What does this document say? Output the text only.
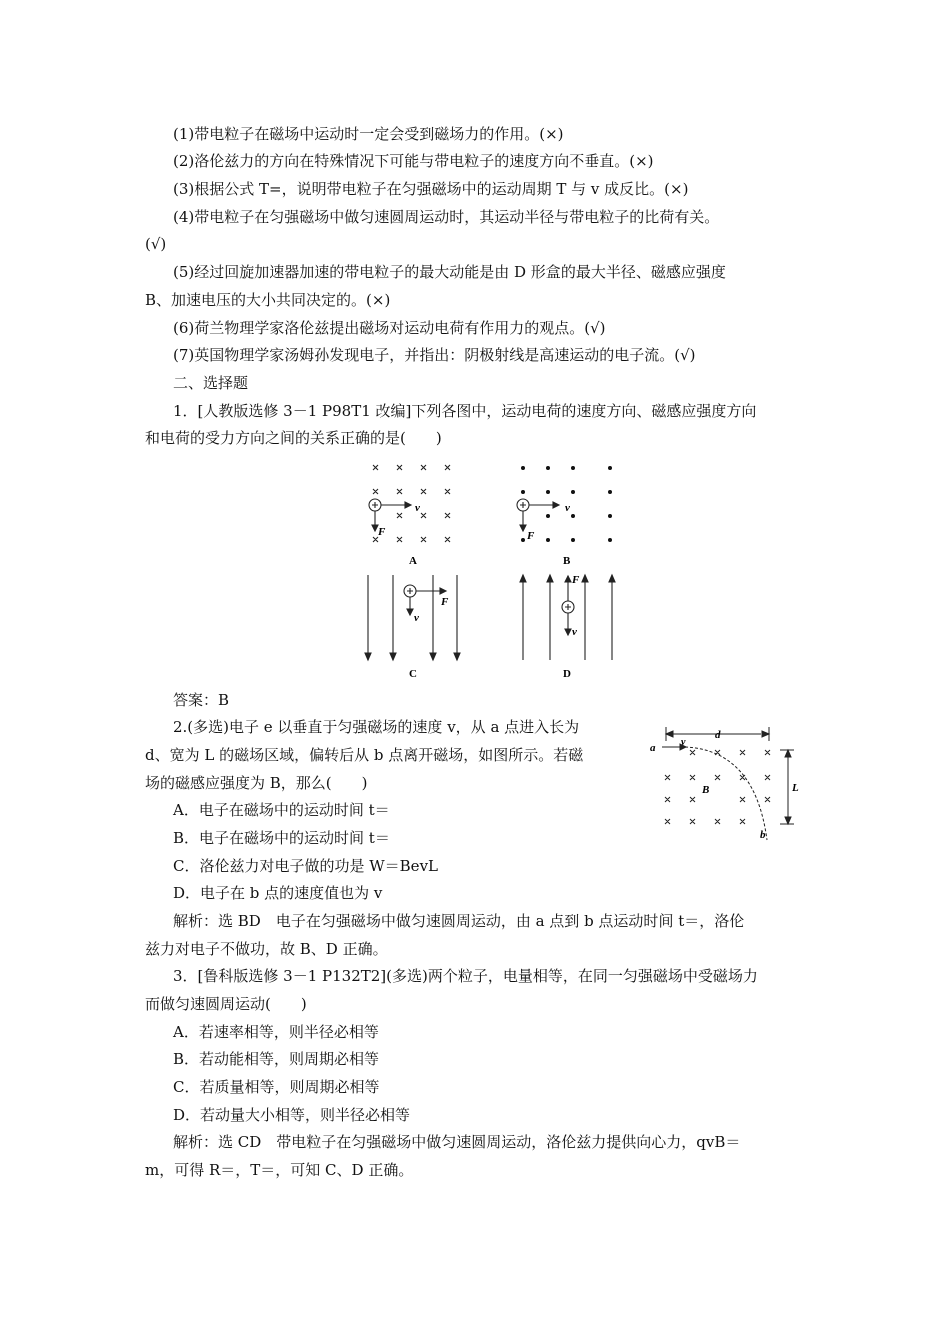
(1)带电粒子在磁场中运动时一定会受到磁场力的作用。(×)
(2)洛伦兹力的方向在特殊情况下可能与带电粒子的速度方向不垂直。(×)
(3)根据公式 T=，说明带电粒子在匀强磁场中的运动周期 T 与 v 成反比。(×)
(4)带电粒子在匀强磁场中做匀速圆周运动时，其运动半径与带电粒子的比荷有关。
(√)
(5)经过回旋加速器加速的带电粒子的最大动能是由 D 形盒的最大半径、磁感应强度
B、加速电压的大小共同决定的。(×)
(6)荷兰物理学家洛伦兹提出磁场对运动电荷有作用力的观点。(√)
(7)英国物理学家汤姆孙发现电子，并指出：阴极射线是高速运动的电子流。(√)
二、选择题
1．[人教版选修 3－1 P98T1 改编]下列各图中，运动电荷的速度方向、磁感应强度方向
和电荷的受力方向之间的关系正确的是(　　)
v
F
A
v
F
B
F
v
C
F
v
D
答案：B
2.(多选)电子 e 以垂直于匀强磁场的速度 v，从 a 点进入长为
d、宽为 L 的磁场区域，偏转后从 b 点离开磁场，如图所示。若磁
场的磁感应强度为 B，那么(　　)
A．电子在磁场中的运动时间 t＝
B．电子在磁场中的运动时间 t＝
C．洛伦兹力对电子做的功是 W＝BevL
D．电子在 b 点的速度值也为 v
a	v
d
B	L
b
解析：选 BD　电子在匀强磁场中做匀速圆周运动，由 a 点到 b 点运动时间 t＝，洛伦
兹力对电子不做功，故 B、D 正确。
3．[鲁科版选修 3－1 P132T2](多选)两个粒子，电量相等，在同一匀强磁场中受磁场力
而做匀速圆周运动(　　)
A．若速率相等，则半径必相等
B．若动能相等，则周期必相等
C．若质量相等，则周期必相等
D．若动量大小相等，则半径必相等
解析：选 CD　带电粒子在匀强磁场中做匀速圆周运动，洛伦兹力提供向心力，qvB＝
m，可得 R＝，T＝，可知 C、D 正确。
